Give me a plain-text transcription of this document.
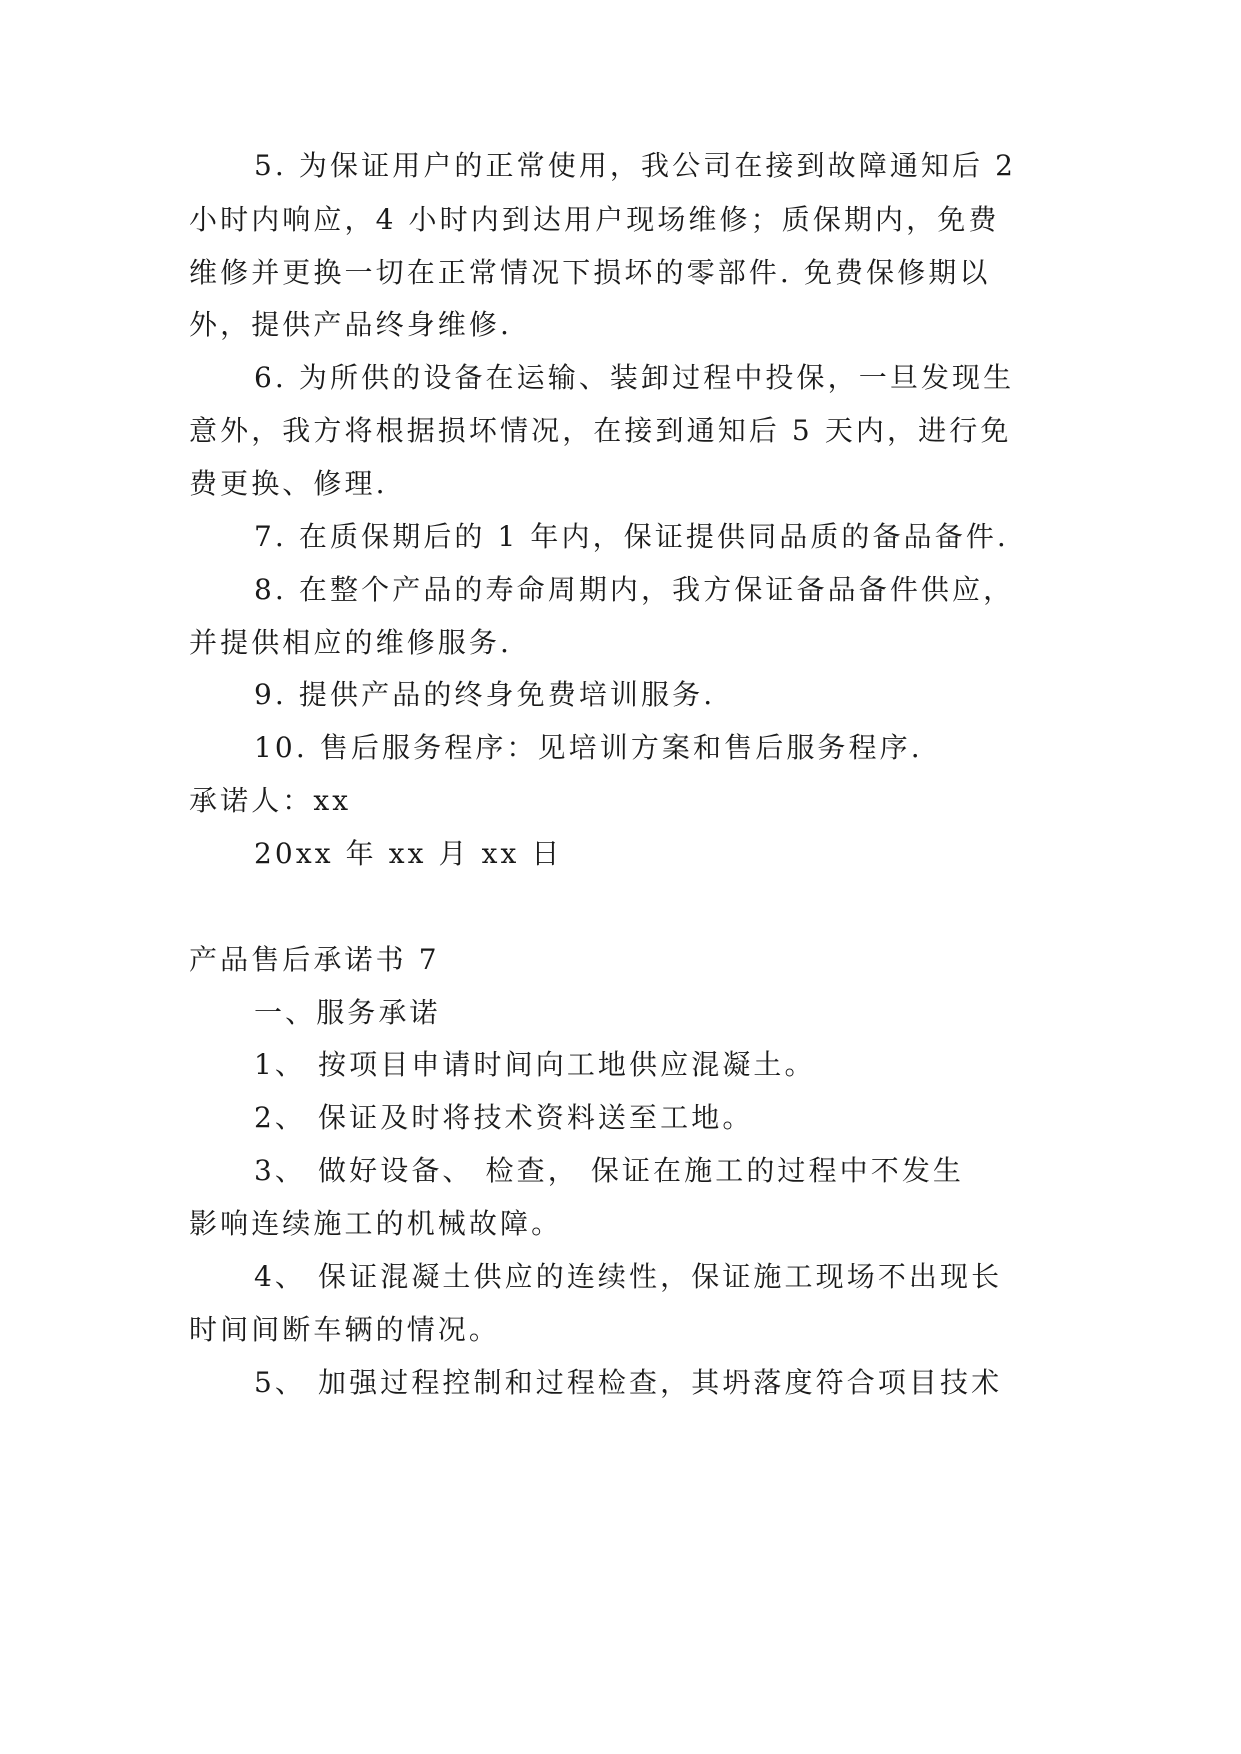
5. 为保证用户的正常使用，我公司在接到故障通知后 2
小时内响应，4 小时内到达用户现场维修；质保期内，免费
维修并更换一切在正常情况下损坏的零部件. 免费保修期以
外，提供产品终身维修.
6. 为所供的设备在运输、装卸过程中投保，一旦发现生
意外，我方将根据损坏情况，在接到通知后 5 天内，进行免
费更换、修理.
7. 在质保期后的 1 年内，保证提供同品质的备品备件.
8. 在整个产品的寿命周期内，我方保证备品备件供应，
并提供相应的维修服务.
9. 提供产品的终身免费培训服务.
10. 售后服务程序：见培训方案和售后服务程序.
承诺人：xx
20xx 年 xx 月 xx 日
产品售后承诺书 7
一、服务承诺
1、 按项目申请时间向工地供应混凝土。
2、 保证及时将技术资料送至工地。
3、 做好设备、 检查， 保证在施工的过程中不发生
影响连续施工的机械故障。
4、 保证混凝土供应的连续性，保证施工现场不出现长
时间间断车辆的情况。
5、 加强过程控制和过程检查，其坍落度符合项目技术
